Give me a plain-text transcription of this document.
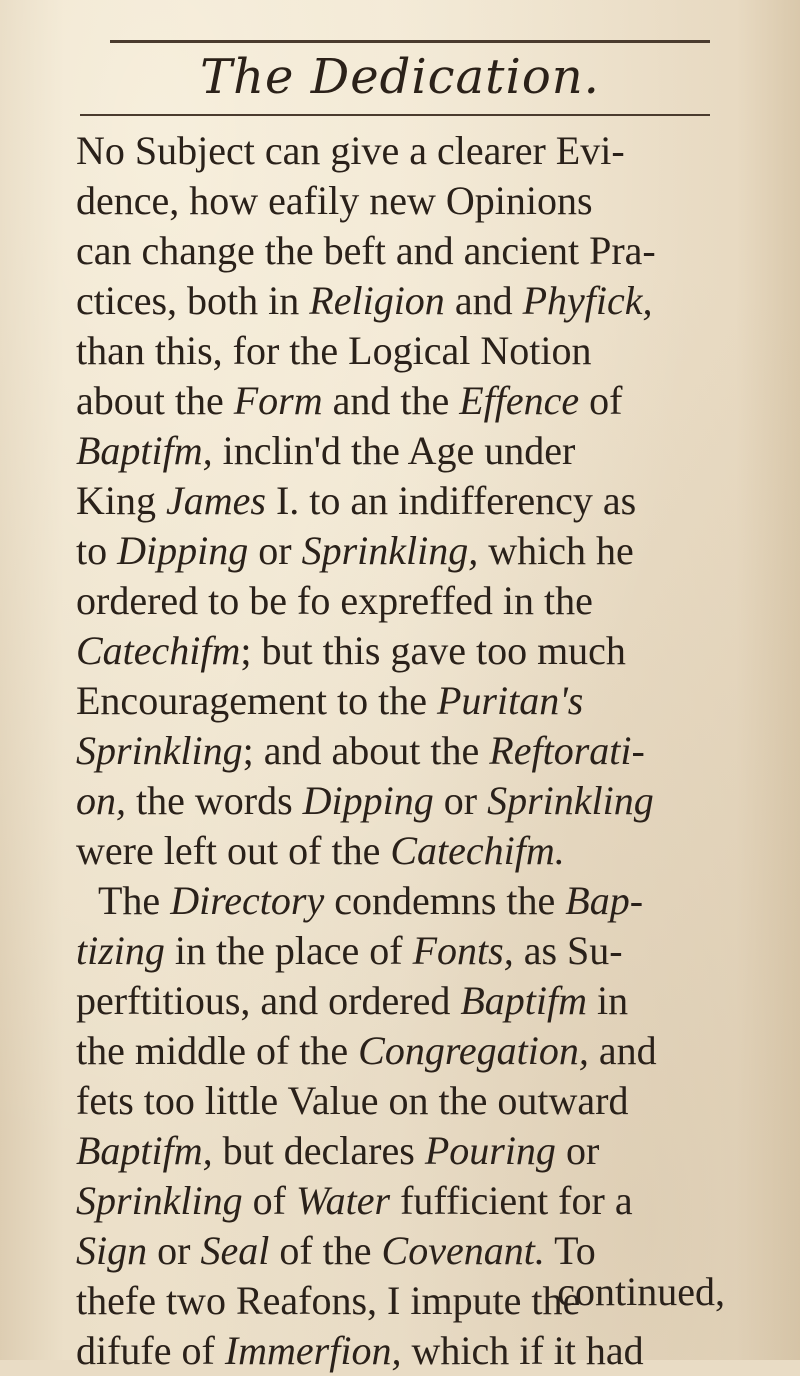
The Dedication.
No Subject can give a clearer Evi-
dence, how eafily new Opinions
can change the beft and ancient Pra-
ctices, both in Religion and Phyfick,
than this, for the Logical Notion
about the Form and the Effence of
Baptifm, inclin'd the Age under
King James I. to an indifferency as
to Dipping or Sprinkling, which he
ordered to be fo expreffed in the
Catechifm; but this gave too much
Encouragement to the Puritan's
Sprinkling; and about the Reftorati-
on, the words Dipping or Sprinkling
were left out of the Catechifm.
The Directory condemns the Bap-
tizing in the place of Fonts, as Su-
perftitious, and ordered Baptifm in
the middle of the Congregation, and
fets too little Value on the outward
Baptifm, but declares Pouring or
Sprinkling of Water fufficient for a
Sign or Seal of the Covenant. To
thefe two Reafons, I impute the
difufe of Immerfion, which if it had
continued,
